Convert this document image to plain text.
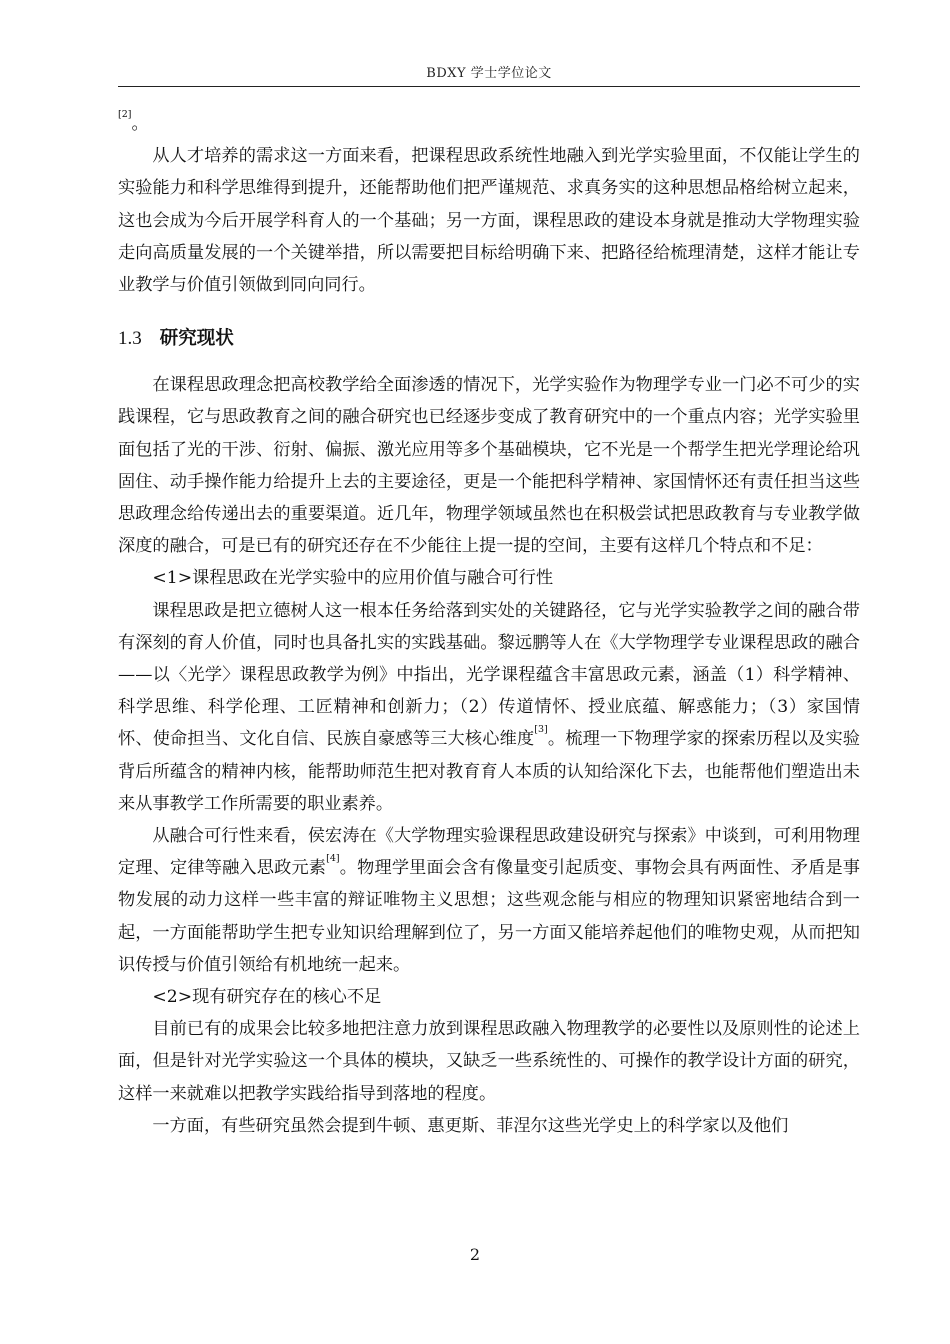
BDXY 学士学位论文

[2]。

从人才培养的需求这一方面来看，把课程思政系统性地融入到光学实验里面，不仅能让学生的实验能力和科学思维得到提升，还能帮助他们把严谨规范、求真务实的这种思想品格给树立起来，这也会成为今后开展学科育人的一个基础；另一方面，课程思政的建设本身就是推动大学物理实验走向高质量发展的一个关键举措，所以需要把目标给明确下来、把路径给梳理清楚，这样才能让专业教学与价值引领做到同向同行。

1.3 研究现状

在课程思政理念把高校教学给全面渗透的情况下，光学实验作为物理学专业一门必不可少的实践课程，它与思政教育之间的融合研究也已经逐步变成了教育研究中的一个重点内容；光学实验里面包括了光的干涉、衍射、偏振、激光应用等多个基础模块，它不光是一个帮学生把光学理论给巩固住、动手操作能力给提升上去的主要途径，更是一个能把科学精神、家国情怀还有责任担当这些思政理念给传递出去的重要渠道。近几年，物理学领域虽然也在积极尝试把思政教育与专业教学做深度的融合，可是已有的研究还存在不少能往上提一提的空间，主要有这样几个特点和不足：

<1>课程思政在光学实验中的应用价值与融合可行性

课程思政是把立德树人这一根本任务给落到实处的关键路径，它与光学实验教学之间的融合带有深刻的育人价值，同时也具备扎实的实践基础。黎远鹏等人在《大学物理学专业课程思政的融合——以〈光学〉课程思政教学为例》中指出，光学课程蕴含丰富思政元素，涵盖（1）科学精神、科学思维、科学伦理、工匠精神和创新力；（2）传道情怀、授业底蕴、解惑能力；（3）家国情怀、使命担当、文化自信、民族自豪感等三大核心维度[3]。梳理一下物理学家的探索历程以及实验背后所蕴含的精神内核，能帮助师范生把对教育育人本质的认知给深化下去，也能帮他们塑造出未来从事教学工作所需要的职业素养。

从融合可行性来看，侯宏涛在《大学物理实验课程思政建设研究与探索》中谈到，可利用物理定理、定律等融入思政元素[4]。物理学里面会含有像量变引起质变、事物会具有两面性、矛盾是事物发展的动力这样一些丰富的辩证唯物主义思想；这些观念能与相应的物理知识紧密地结合到一起，一方面能帮助学生把专业知识给理解到位了，另一方面又能培养起他们的唯物史观，从而把知识传授与价值引领给有机地统一起来。

<2>现有研究存在的核心不足

目前已有的成果会比较多地把注意力放到课程思政融入物理教学的必要性以及原则性的论述上面，但是针对光学实验这一个具体的模块，又缺乏一些系统性的、可操作的教学设计方面的研究，这样一来就难以把教学实践给指导到落地的程度。

一方面，有些研究虽然会提到牛顿、惠更斯、菲涅尔这些光学史上的科学家以及他们

2
